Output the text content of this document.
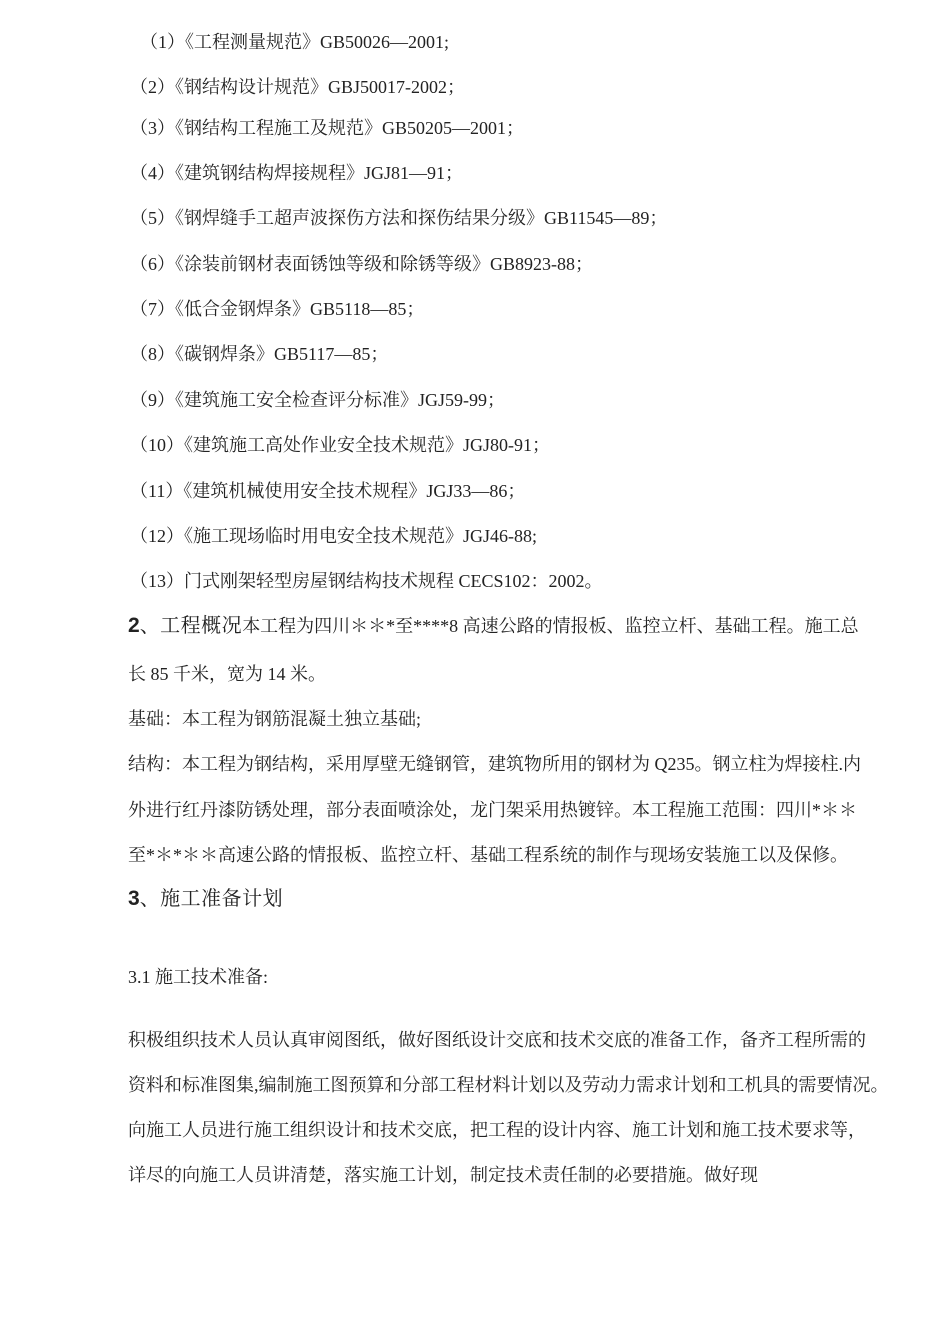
（1）《工程测量规范》GB50026—2001;
（2）《钢结构设计规范》GBJ50017-2002；
（3）《钢结构工程施工及规范》GB50205—2001；
（4）《建筑钢结构焊接规程》JGJ81—91；
（5）《钢焊缝手工超声波探伤方法和探伤结果分级》GB11545—89；
（6）《涂装前钢材表面锈蚀等级和除锈等级》GB8923-88；
（7）《低合金钢焊条》GB5118—85；
（8）《碳钢焊条》GB5117—85；
（9）《建筑施工安全检查评分标准》JGJ59-99；
（10）《建筑施工高处作业安全技术规范》JGJ80-91；
（11）《建筑机械使用安全技术规程》JGJ33—86；
（12）《施工现场临时用电安全技术规范》JGJ46-88;
（13）门式刚架轻型房屋钢结构技术规程 CECS102：2002。
2、工程概况本工程为四川＊＊*至****8 高速公路的情报板、监控立杆、基础工程。施工总
长 85 千米，宽为 14 米。
基础：本工程为钢筋混凝土独立基础;
结构：本工程为钢结构，采用厚壁无缝钢管，建筑物所用的钢材为 Q235。钢立柱为焊接柱.内
外进行红丹漆防锈处理，部分表面喷涂处，龙门架采用热镀锌。本工程施工范围：四川*＊＊
至*＊*＊＊高速公路的情报板、监控立杆、基础工程系统的制作与现场安装施工以及保修。
3、施工准备计划
3.1 施工技术准备:
积极组织技术人员认真审阅图纸，做好图纸设计交底和技术交底的准备工作，备齐工程所需的
资料和标准图集,编制施工图预算和分部工程材料计划以及劳动力需求计划和工机具的需要情况。
向施工人员进行施工组织设计和技术交底，把工程的设计内容、施工计划和施工技术要求等，
详尽的向施工人员讲清楚，落实施工计划，制定技术责任制的必要措施。做好现
